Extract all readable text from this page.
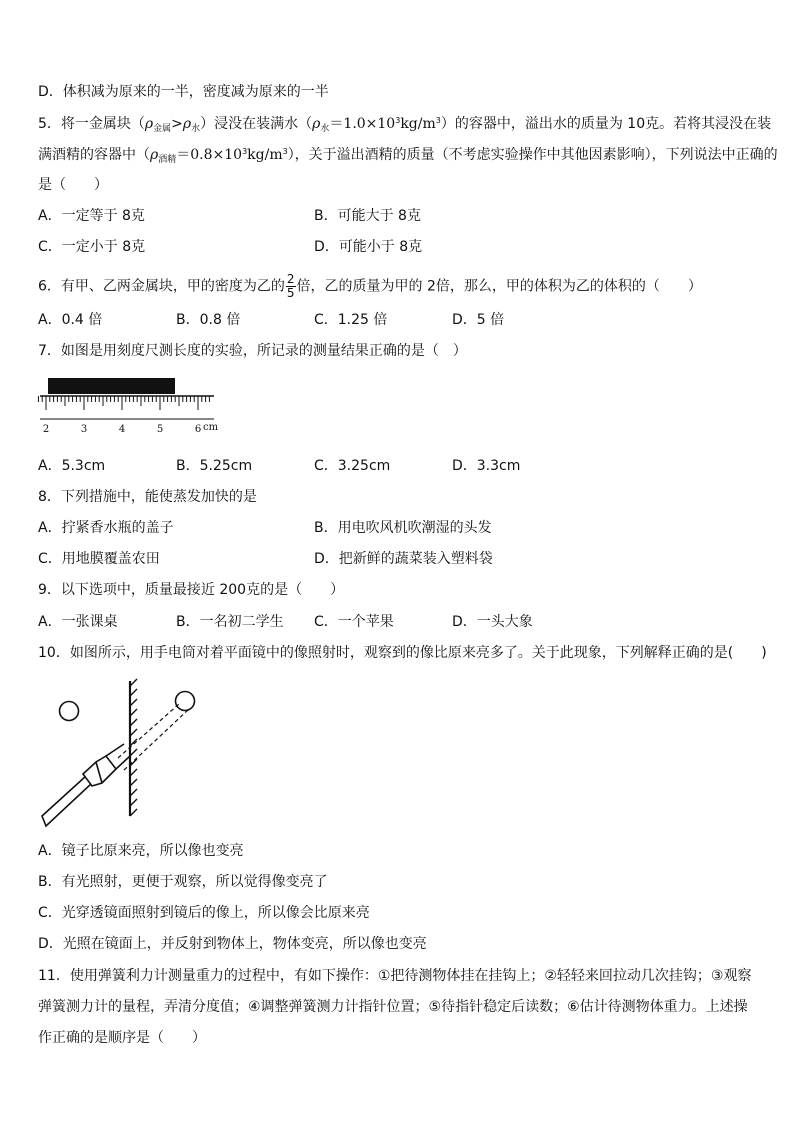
D．体积减为原来的一半，密度减为原来的一半
5．将一金属块$(\rho_{金属}>\rho_水)$浸没在装满水$(\rho_水=1.0\times 10^3kg/m^3)$的容器中，溢出水的质量为 10克。若将其浸没在装
满酒精的容器中$(\rho_{酒精}=0.8\times 10^3kg/m^3)$，关于溢出酒精的质量（不考虑实验操作中其他因素影响），下列说法中正确的
是（　　）
A．一定等于 8克	B．可能大于 8克
C．一定小于 8克	D．可能小于 8克
6．有甲、乙两金属块，甲的密度为乙的 $\frac{2}{5}$ 倍，乙的质量为甲的 2倍，那么，甲的体积为乙的体积的（　　）
A．0.4 倍	B．0.8 倍	C．1.25 倍	D．5 倍
7．如图是用刻度尺测长度的实验，所记录的测量结果正确的是（　）
2	3	4	5	6 cm
A．5.3cm	B．5.25cm	C．3.25cm	D．3.3cm
8．下列措施中，能使蒸发加快的是
A．拧紧香水瓶的盖子	B．用电吹风机吹潮湿的头发
C．用地膜覆盖农田	D．把新鲜的蔬菜装入塑料袋
9．以下选项中，质量最接近 200克的是（　　）
A．一张课桌	B．一名初二学生 C．一个苹果	D．一头大象
10．如图所示，用手电筒对着平面镜中的像照射时，观察到的像比原来亮多了。关于此现象，下列解释正确的是(　　)
A．镜子比原来亮，所以像也变亮
B．有光照射，更便于观察，所以觉得像变亮了
C．光穿透镜面照射到镜后的像上，所以像会比原来亮
D．光照在镜面上，并反射到物体上，物体变亮，所以像也变亮
11．使用弹簧利力计测量重力的过程中，有如下操作：①把待测物体挂在挂钩上；②轻轻来回拉动几次挂钩；③观察
弹簧测力计的量程，弄清分度值；④调整弹簧测力计指针位置；⑤待指针稳定后读数；⑥估计待测物体重力。上述操
作正确的是顺序是（　　）
